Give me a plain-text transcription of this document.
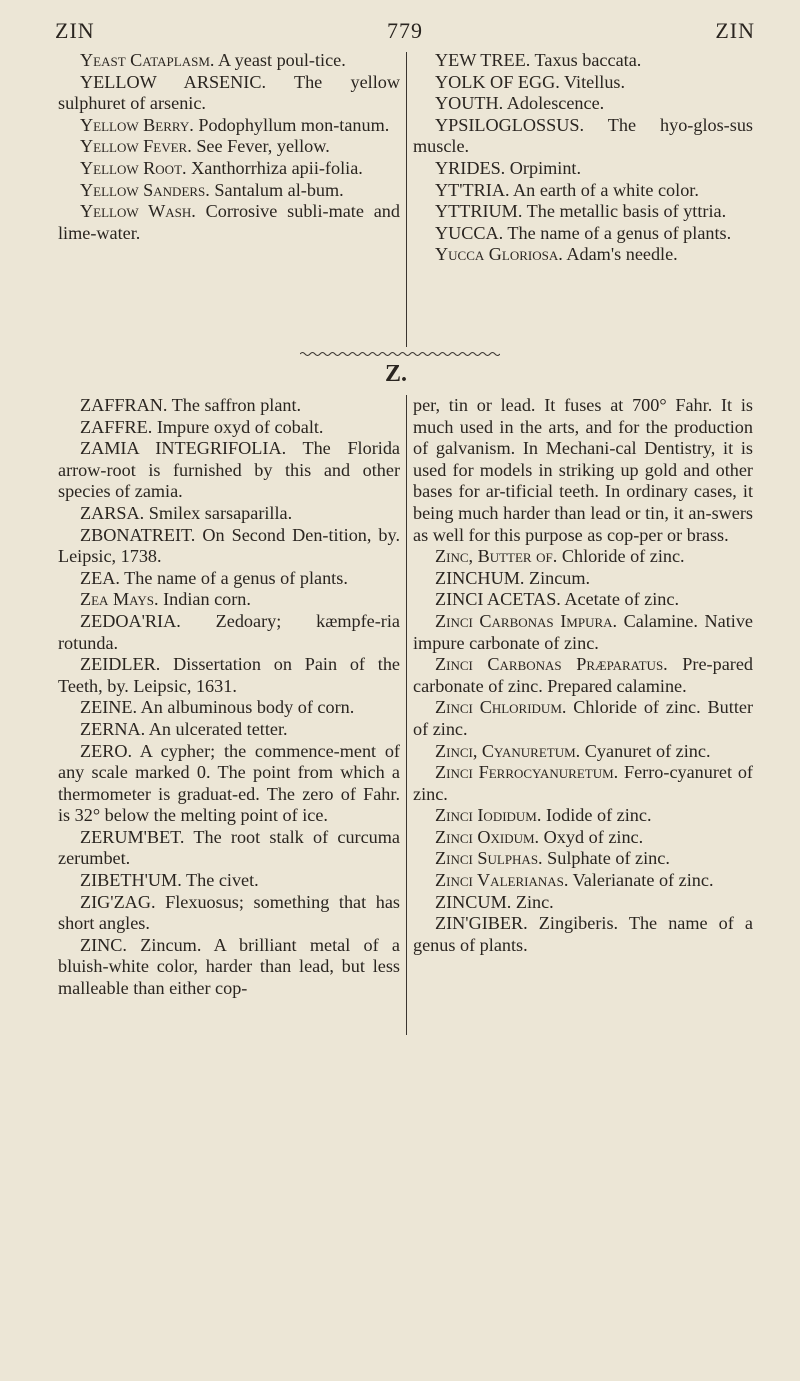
ZIN	779	ZIN

Yeast Cataplasm. A yeast poul-tice.

YELLOW ARSENIC. The yellow sulphuret of arsenic.

Yellow Berry. Podophyllum mon-tanum.

Yellow Fever. See Fever, yellow.

Yellow Root. Xanthorrhiza apii-folia.

Yellow Sanders. Santalum al-bum.

Yellow Wash. Corrosive subli-mate and lime-water.

YEW TREE. Taxus baccata.

YOLK OF EGG. Vitellus.

YOUTH. Adolescence.

YPSILOGLOSSUS. The hyo-glos-sus muscle.

YRIDES. Orpimint.

YT'TRIA. An earth of a white color.

YTTRIUM. The metallic basis of yttria.

YUCCA. The name of a genus of plants.

Yucca Gloriosa. Adam's needle.

Z.

ZAFFRAN. The saffron plant.

ZAFFRE. Impure oxyd of cobalt.

ZAMIA INTEGRIFOLIA. The Florida arrow-root is furnished by this and other species of zamia.

ZARSA. Smilex sarsaparilla.

ZBONATREIT. On Second Den-tition, by. Leipsic, 1738.

ZEA. The name of a genus of plants.

Zea Mays. Indian corn.

ZEDOA'RIA. Zedoary; kæmpfe-ria rotunda.

ZEIDLER. Dissertation on Pain of the Teeth, by. Leipsic, 1631.

ZEINE. An albuminous body of corn.

ZERNA. An ulcerated tetter.

ZERO. A cypher; the commence-ment of any scale marked 0. The point from which a thermometer is graduat-ed. The zero of Fahr. is 32° below the melting point of ice.

ZERUM'BET. The root stalk of curcuma zerumbet.

ZIBETH'UM. The civet.

ZIG'ZAG. Flexuosus; something that has short angles.

ZINC. Zincum. A brilliant metal of a bluish-white color, harder than lead, but less malleable than either cop-

per, tin or lead. It fuses at 700° Fahr. It is much used in the arts, and for the production of galvanism. In Mechani-cal Dentistry, it is used for models in striking up gold and other bases for ar-tificial teeth. In ordinary cases, it being much harder than lead or tin, it an-swers as well for this purpose as cop-per or brass.

Zinc, Butter of. Chloride of zinc.

ZINCHUM. Zincum.

ZINCI ACETAS. Acetate of zinc.

Zinci Carbonas Impura. Calamine. Native impure carbonate of zinc.

Zinci Carbonas Præparatus. Pre-pared carbonate of zinc. Prepared calamine.

Zinci Chloridum. Chloride of zinc. Butter of zinc.

Zinci, Cyanuretum. Cyanuret of zinc.

Zinci Ferrocyanuretum. Ferro-cyanuret of zinc.

Zinci Iodidum. Iodide of zinc.

Zinci Oxidum. Oxyd of zinc.

Zinci Sulphas. Sulphate of zinc.

Zinci Valerianas. Valerianate of zinc.

ZINCUM. Zinc.

ZIN'GIBER. Zingiberis. The name of a genus of plants.
